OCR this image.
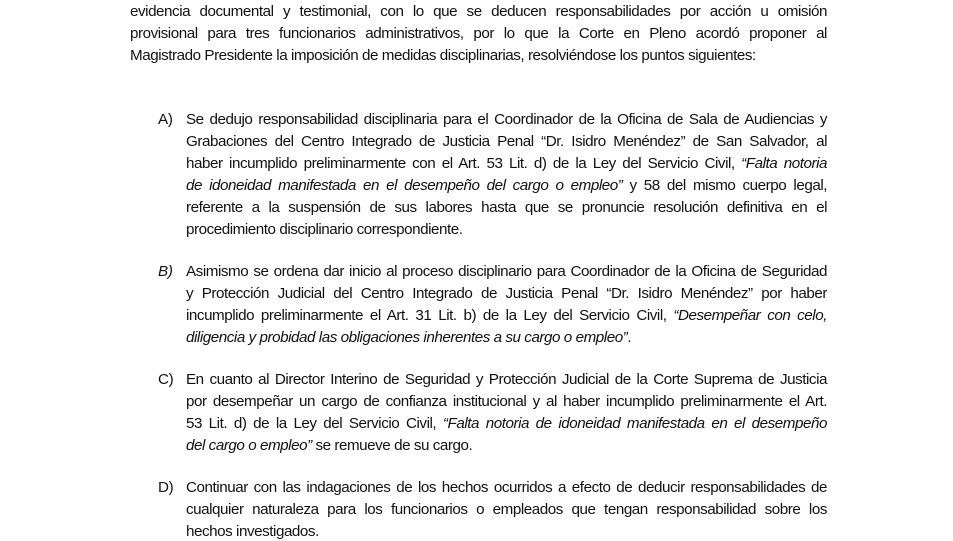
evidencia documental y testimonial, con lo que se deducen responsabilidades por acción u omisión
provisional para tres funcionarios administrativos, por lo que la Corte en Pleno acordó proponer al
Magistrado Presidente la imposición de medidas disciplinarias, resolviéndose los puntos siguientes:
A) Se dedujo responsabilidad disciplinaria para el Coordinador de la Oficina de Sala de Audiencias y
Grabaciones del Centro Integrado de Justicia Penal “Dr. Isidro Menéndez” de San Salvador, al
haber incumplido preliminarmente con el Art. 53 Lit. d) de la Ley del Servicio Civil, “Falta notoria
de idoneidad manifestada en el desempeño del cargo o empleo” y 58 del mismo cuerpo legal,
referente a la suspensión de sus labores hasta que se pronuncie resolución definitiva en el
procedimiento disciplinario correspondiente.
B) Asimismo se ordena dar inicio al proceso disciplinario para Coordinador de la Oficina de Seguridad
y Protección Judicial del Centro Integrado de Justicia Penal “Dr. Isidro Menéndez” por haber
incumplido preliminarmente el Art. 31 Lit. b) de la Ley del Servicio Civil, “Desempeñar con celo,
diligencia y probidad las obligaciones inherentes a su cargo o empleo”.
C) En cuanto al Director Interino de Seguridad y Protección Judicial de la Corte Suprema de Justicia
por desempeñar un cargo de confianza institucional y al haber incumplido preliminarmente el Art.
53 Lit. d) de la Ley del Servicio Civil, “Falta notoria de idoneidad manifestada en el desempeño
del cargo o empleo” se remueve de su cargo.
D) Continuar con las indagaciones de los hechos ocurridos a efecto de deducir responsabilidades de
cualquier naturaleza para los funcionarios o empleados que tengan responsabilidad sobre los
hechos investigados.
